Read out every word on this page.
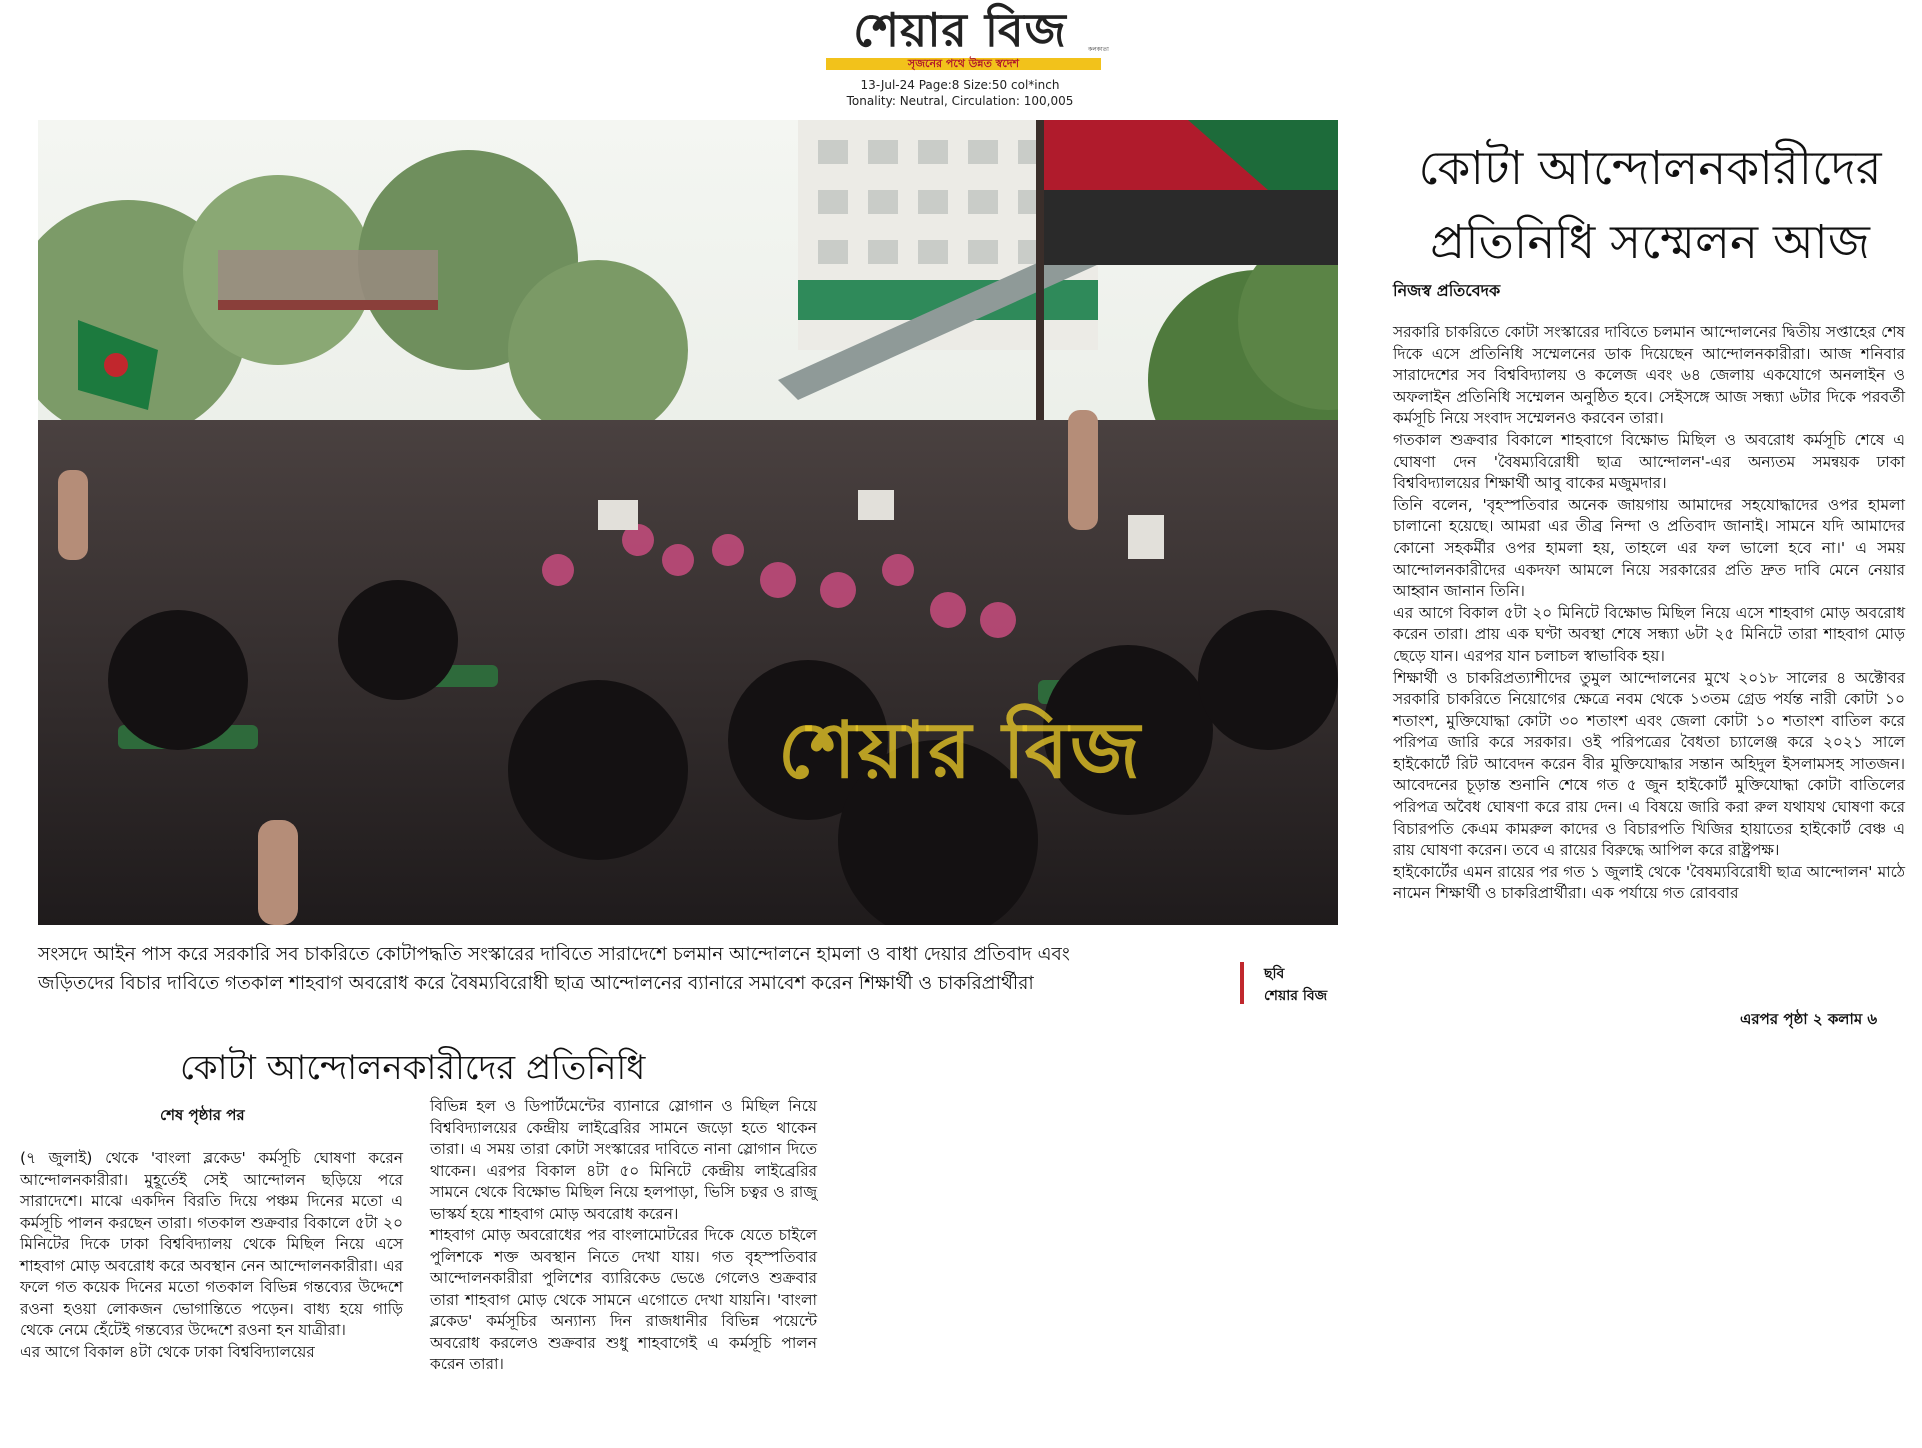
শেয়ার বিজ	কলকাতা
সৃজনের পথে উন্নত স্বদেশ
13-Jul-24 Page:8 Size:50 col*inch
Tonality: Neutral, Circulation: 100,005
শেয়ার বিজ
সংসদে আইন পাস করে সরকারি সব চাকরিতে কোটাপদ্ধতি সংস্কারের দাবিতে সারাদেশে চলমান আন্দোলনে হামলা ও বাধা দেয়ার প্রতিবাদ এবং জড়িতদের বিচার দাবিতে গতকাল শাহবাগ অবরোধ করে বৈষম্যবিরোধী ছাত্র আন্দোলনের ব্যানারে সমাবেশ করেন শিক্ষার্থী ও চাকরিপ্রার্থীরা	ছবি
শেয়ার বিজ
কোটা আন্দোলনকারীদের
প্রতিনিধি সম্মেলন আজ
নিজস্ব প্রতিবেদক

সরকারি চাকরিতে কোটা সংস্কারের দাবিতে চলমান আন্দোলনের দ্বিতীয় সপ্তাহের শেষ দিকে এসে প্রতিনিধি সম্মেলনের ডাক দিয়েছেন আন্দোলনকারীরা। আজ শনিবার সারাদেশের সব বিশ্ববিদ্যালয় ও কলেজ এবং ৬৪ জেলায় একযোগে অনলাইন ও অফলাইন প্রতিনিধি সম্মেলন অনুষ্ঠিত হবে। সেইসঙ্গে আজ সন্ধ্যা ৬টার দিকে পরবর্তী কর্মসূচি নিয়ে সংবাদ সম্মেলনও করবেন তারা।

গতকাল শুক্রবার বিকালে শাহবাগে বিক্ষোভ মিছিল ও অবরোধ কর্মসূচি শেষে এ ঘোষণা দেন 'বৈষম্যবিরোধী ছাত্র আন্দোলন'-এর অন্যতম সমন্বয়ক ঢাকা বিশ্ববিদ্যালয়ের শিক্ষার্থী আবু বাকের মজুমদার।

তিনি বলেন, 'বৃহস্পতিবার অনেক জায়গায় আমাদের সহযোদ্ধাদের ওপর হামলা চালানো হয়েছে। আমরা এর তীব্র নিন্দা ও প্রতিবাদ জানাই। সামনে যদি আমাদের কোনো সহকর্মীর ওপর হামলা হয়, তাহলে এর ফল ভালো হবে না।' এ সময় আন্দোলনকারীদের একদফা আমলে নিয়ে সরকারের প্রতি দ্রুত দাবি মেনে নেয়ার আহ্বান জানান তিনি।

এর আগে বিকাল ৫টা ২০ মিনিটে বিক্ষোভ মিছিল নিয়ে এসে শাহবাগ মোড় অবরোধ করেন তারা। প্রায় এক ঘণ্টা অবস্থা শেষে সন্ধ্যা ৬টা ২৫ মিনিটে তারা শাহবাগ মোড় ছেড়ে যান। এরপর যান চলাচল স্বাভাবিক হয়।

শিক্ষার্থী ও চাকরিপ্রত্যাশীদের তুমুল আন্দোলনের মুখে ২০১৮ সালের ৪ অক্টোবর সরকারি চাকরিতে নিয়োগের ক্ষেত্রে নবম থেকে ১৩তম গ্রেড পর্যন্ত নারী কোটা ১০ শতাংশ, মুক্তিযোদ্ধা কোটা ৩০ শতাংশ এবং জেলা কোটা ১০ শতাংশ বাতিল করে পরিপত্র জারি করে সরকার। ওই পরিপত্রের বৈধতা চ্যালেঞ্জ করে ২০২১ সালে হাইকোর্টে রিট আবেদন করেন বীর মুক্তিযোদ্ধার সন্তান অহিদুল ইসলামসহ সাতজন। আবেদনের চূড়ান্ত শুনানি শেষে গত ৫ জুন হাইকোর্ট মুক্তিযোদ্ধা কোটা বাতিলের পরিপত্র অবৈধ ঘোষণা করে রায় দেন। এ বিষয়ে জারি করা রুল যথাযথ ঘোষণা করে বিচারপতি কেএম কামরুল কাদের ও বিচারপতি খিজির হায়াতের হাইকোর্ট বেঞ্চ এ রায় ঘোষণা করেন। তবে এ রায়ের বিরুদ্ধে আপিল করে রাষ্ট্রপক্ষ।

হাইকোর্টের এমন রায়ের পর গত ১ জুলাই থেকে 'বৈষম্যবিরোধী ছাত্র আন্দোলন' মাঠে নামেন শিক্ষার্থী ও চাকরিপ্রার্থীরা। এক পর্যায়ে গত রোববার

এরপর পৃষ্ঠা ২ কলাম ৬
কোটা আন্দোলনকারীদের প্রতিনিধি
শেষ পৃষ্ঠার পর

(৭ জুলাই) থেকে 'বাংলা ব্লকেড' কর্মসূচি ঘোষণা করেন আন্দোলনকারীরা। মুহূর্তেই সেই আন্দোলন ছড়িয়ে পরে সারাদেশে। মাঝে একদিন বিরতি দিয়ে পঞ্চম দিনের মতো এ কর্মসূচি পালন করছেন তারা। গতকাল শুক্রবার বিকালে ৫টা ২০ মিনিটের দিকে ঢাকা বিশ্ববিদ্যালয় থেকে মিছিল নিয়ে এসে শাহবাগ মোড় অবরোধ করে অবস্থান নেন আন্দোলনকারীরা। এর ফলে গত কয়েক দিনের মতো গতকাল বিভিন্ন গন্তব্যের উদ্দেশে রওনা হওয়া লোকজন ভোগান্তিতে পড়েন। বাধ্য হয়ে গাড়ি থেকে নেমে হেঁটেই গন্তব্যের উদ্দেশে রওনা হন যাত্রীরা।

এর আগে বিকাল ৪টা থেকে ঢাকা বিশ্ববিদ্যালয়ের

বিভিন্ন হল ও ডিপার্টমেন্টের ব্যানারে স্লোগান ও মিছিল নিয়ে বিশ্ববিদ্যালয়ের কেন্দ্রীয় লাইব্রেরির সামনে জড়ো হতে থাকেন তারা। এ সময় তারা কোটা সংস্কারের দাবিতে নানা স্লোগান দিতে থাকেন। এরপর বিকাল ৪টা ৫০ মিনিটে কেন্দ্রীয় লাইব্রেরির সামনে থেকে বিক্ষোভ মিছিল নিয়ে হলপাড়া, ভিসি চত্বর ও রাজু ভাস্কর্য হয়ে শাহবাগ মোড় অবরোধ করেন।

শাহবাগ মোড় অবরোধের পর বাংলামোটরের দিকে যেতে চাইলে পুলিশকে শক্ত অবস্থান নিতে দেখা যায়। গত বৃহস্পতিবার আন্দোলনকারীরা পুলিশের ব্যারিকেড ভেঙে গেলেও শুক্রবার তারা শাহবাগ মোড় থেকে সামনে এগোতে দেখা যায়নি। 'বাংলা ব্লকেড' কর্মসূচির অন্যান্য দিন রাজধানীর বিভিন্ন পয়েন্টে অবরোধ করলেও শুক্রবার শুধু শাহবাগেই এ কর্মসূচি পালন করেন তারা।
